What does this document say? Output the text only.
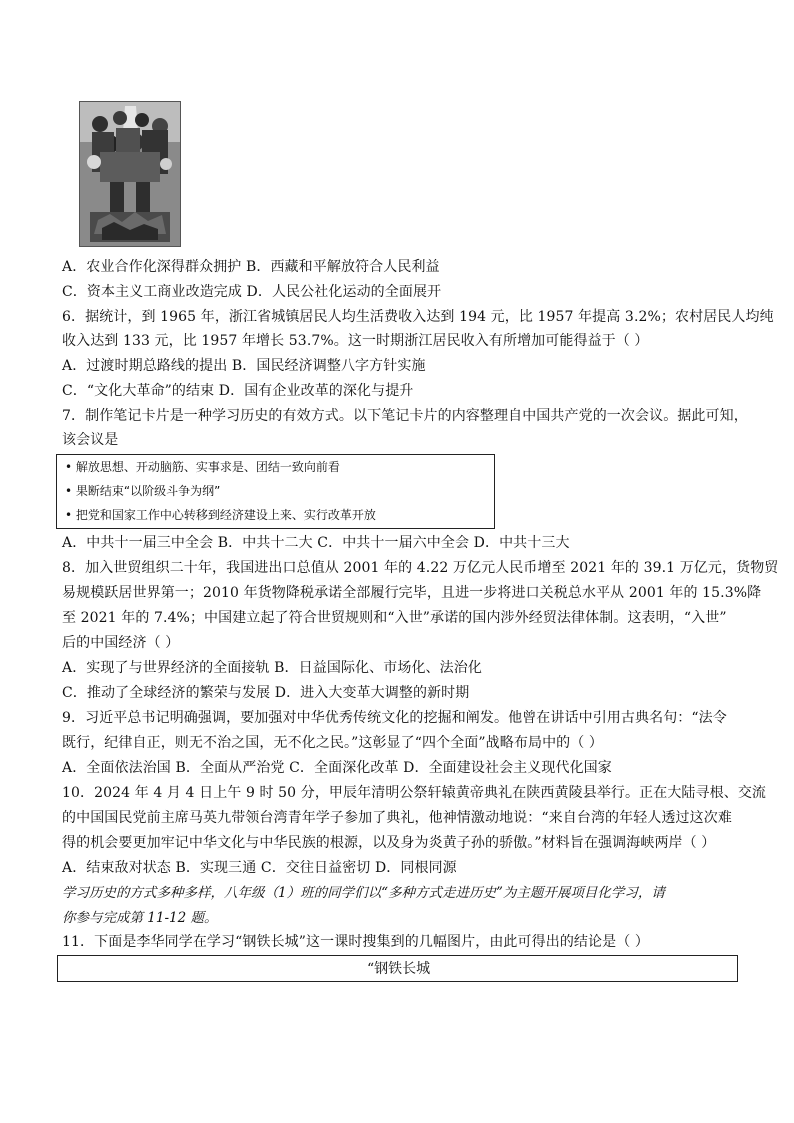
A．农业合作化深得群众拥护 B．西藏和平解放符合人民利益
C．资本主义工商业改造完成 D．人民公社化运动的全面展开
6．据统计，到 1965 年，浙江省城镇居民人均生活费收入达到 194 元，比 1957 年提高 3.2%；农村居民人均纯
收入达到 133 元，比 1957 年增长 53.7%。这一时期浙江居民收入有所增加可能得益于（ ）
A．过渡时期总路线的提出 B．国民经济调整八字方针实施
C．“文化大革命”的结束 D．国有企业改革的深化与提升
7．制作笔记卡片是一种学习历史的有效方式。以下笔记卡片的内容整理自中国共产党的一次会议。据此可知，
该会议是
• 解放思想、开动脑筋、实事求是、团结一致向前看
• 果断结束“以阶级斗争为纲”
• 把党和国家工作中心转移到经济建设上来、实行改革开放
A．中共十一届三中全会 B．中共十二大 C．中共十一届六中全会 D．中共十三大
8．加入世贸组织二十年，我国进出口总值从 2001 年的 4.22 万亿元人民币增至 2021 年的 39.1 万亿元，货物贸
易规模跃居世界第一；2010 年货物降税承诺全部履行完毕，且进一步将进口关税总水平从 2001 年的 15.3%降
至 2021 年的 7.4%；中国建立起了符合世贸规则和“入世”承诺的国内涉外经贸法律体制。这表明，“入世”
后的中国经济（ ）
A．实现了与世界经济的全面接轨 B．日益国际化、市场化、法治化
C．推动了全球经济的繁荣与发展 D．进入大变革大调整的新时期
9．习近平总书记明确强调，要加强对中华优秀传统文化的挖掘和阐发。他曾在讲话中引用古典名句：“法令
既行，纪律自正，则无不治之国，无不化之民。”这彰显了“四个全面”战略布局中的（ ）
A．全面依法治国 B．全面从严治党 C．全面深化改革 D．全面建设社会主义现代化国家
10．2024 年 4 月 4 日上午 9 时 50 分，甲辰年清明公祭轩辕黄帝典礼在陕西黄陵县举行。正在大陆寻根、交流
的中国国民党前主席马英九带领台湾青年学子参加了典礼，他神情激动地说：“来自台湾的年轻人透过这次难
得的机会要更加牢记中华文化与中华民族的根源，以及身为炎黄子孙的骄傲。”材料旨在强调海峡两岸（ ）
A．结束敌对状态 B．实现三通 C．交往日益密切 D．同根同源
学习历史的方式多种多样，八年级（1）班的同学们以“多种方式走进历史”为主题开展项目化学习，请
你参与完成第 11-12 题。
11．下面是李华同学在学习“钢铁长城”这一课时搜集到的几幅图片，由此可得出的结论是（ ）
“钢铁长城
